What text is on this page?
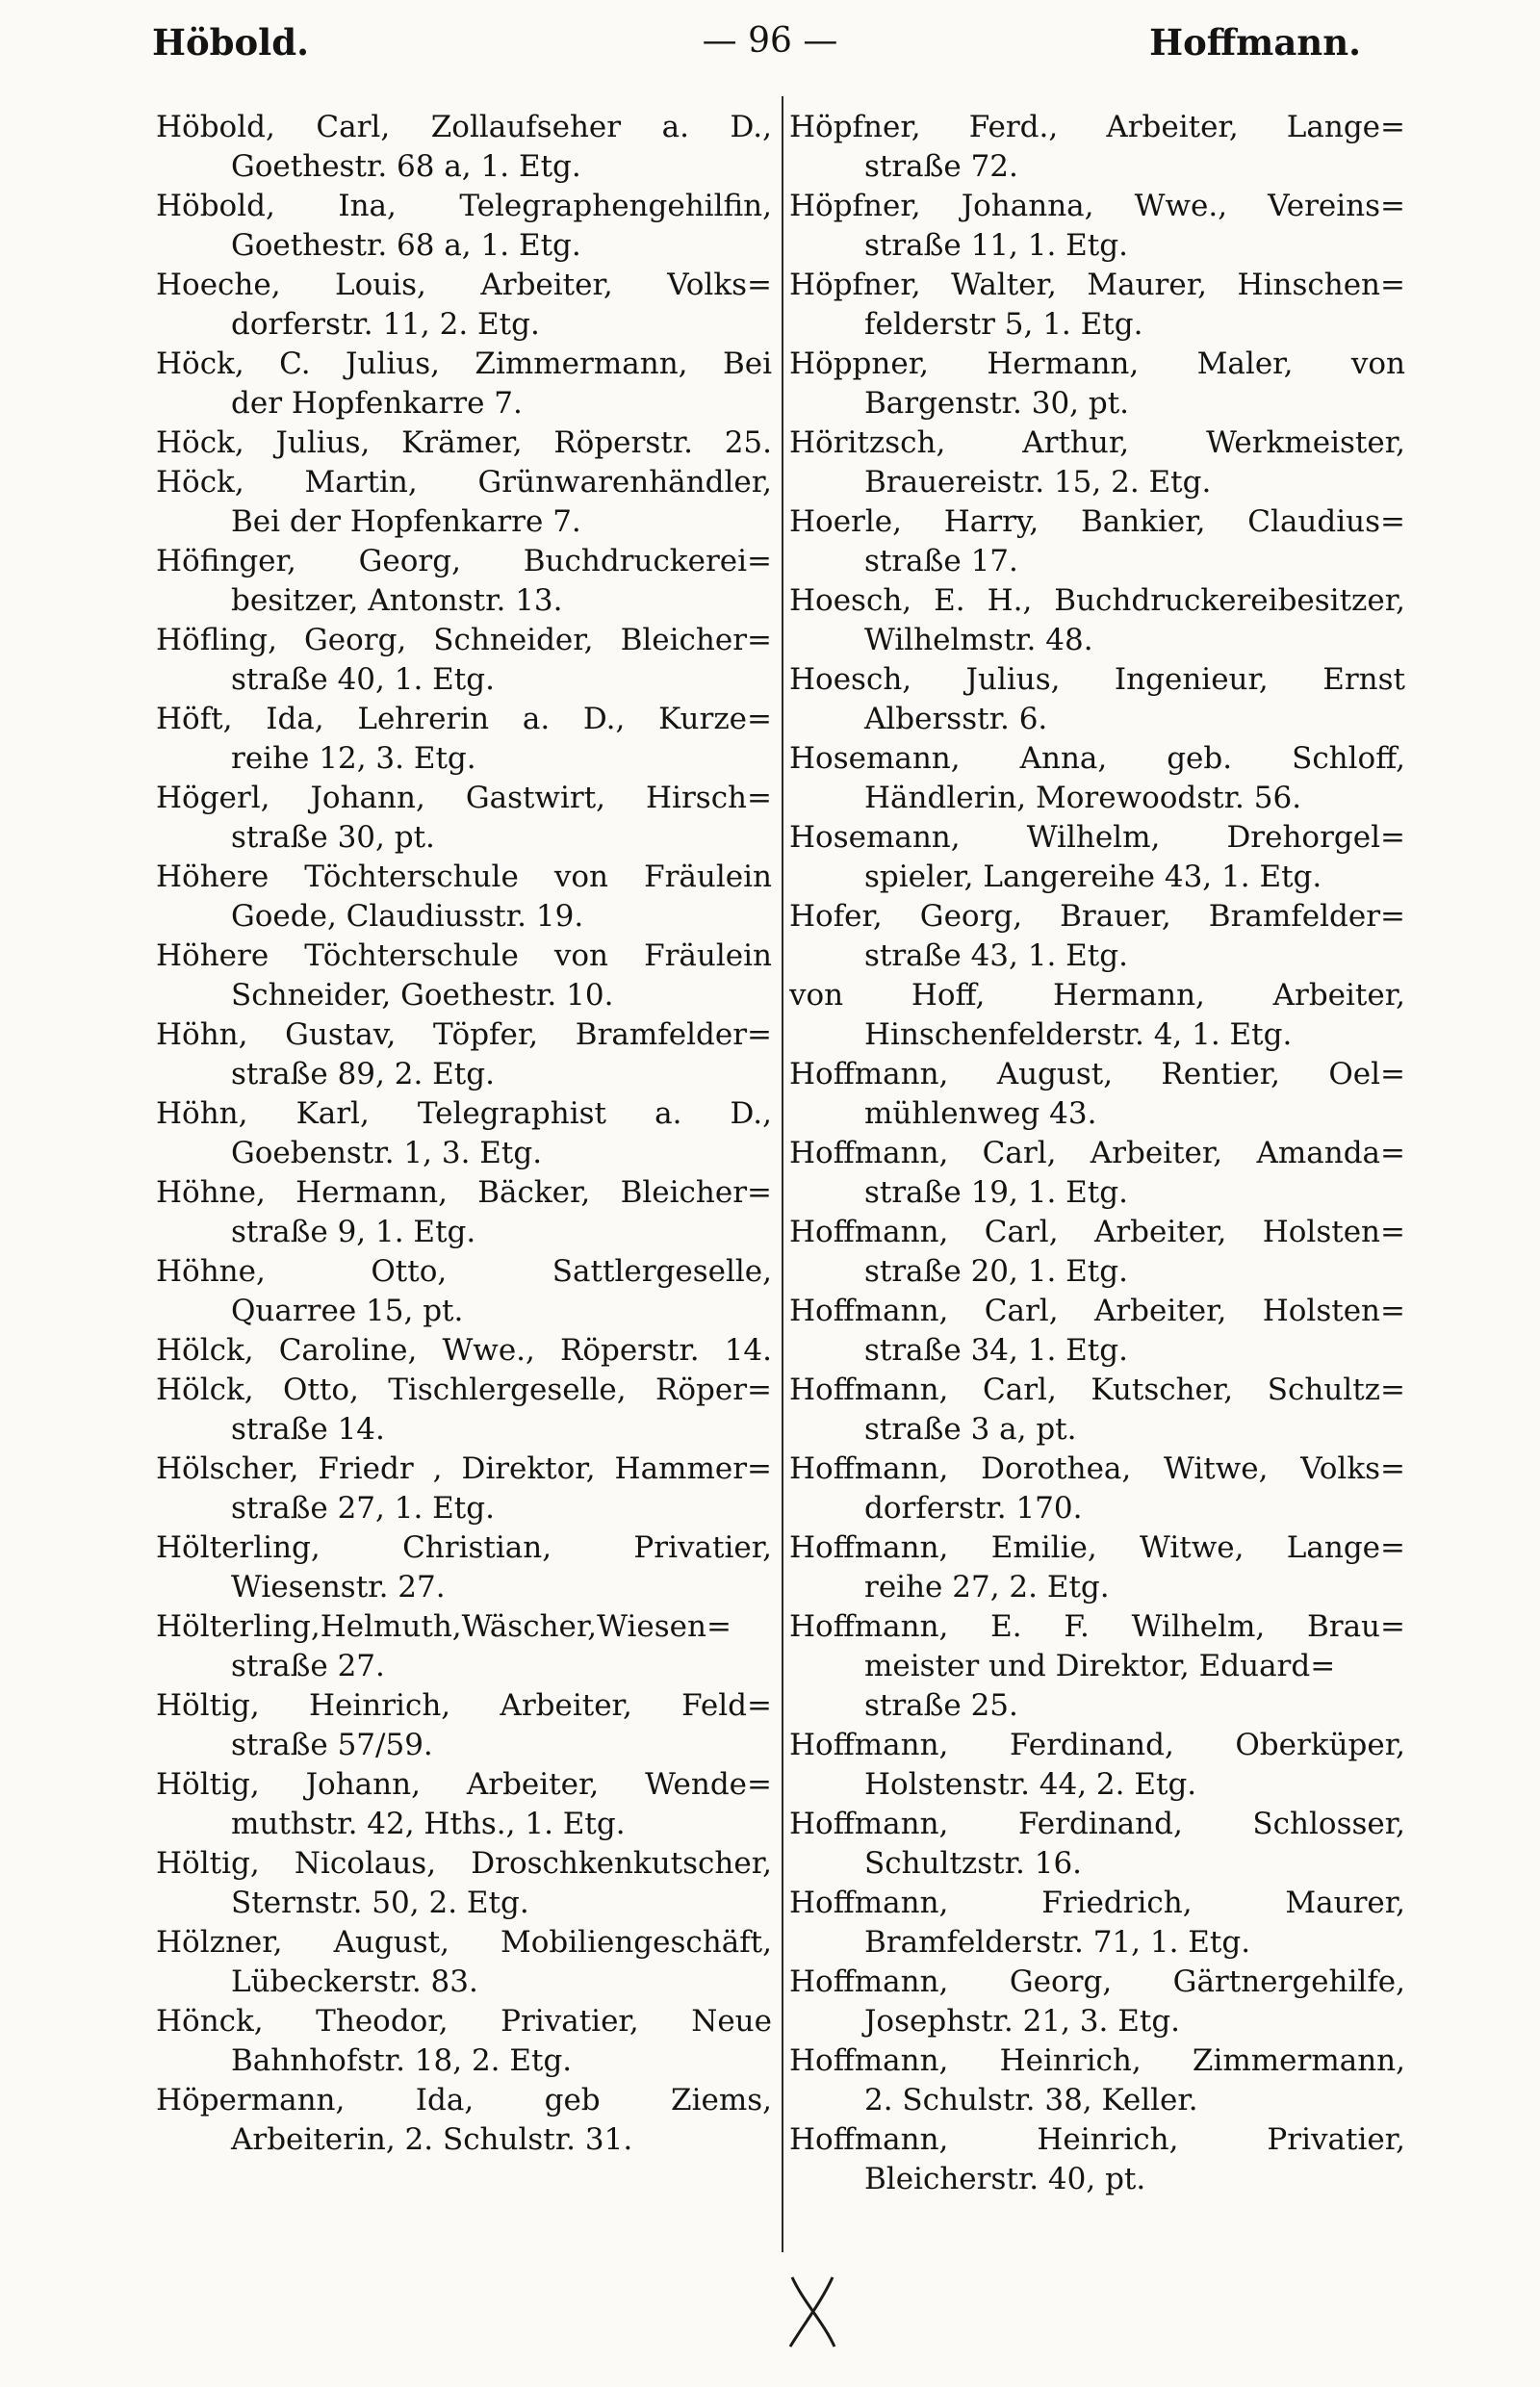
Höbold.	— 96 —	Hoffmann.
Höbold, Carl, Zollaufseher a. D.,
Goethestr. 68 a, 1. Etg.
Höbold, Ina, Telegraphengehilfin,
Goethestr. 68 a, 1. Etg.
Hoeche, Louis, Arbeiter, Volks=
dorferstr. 11, 2. Etg.
Höck, C. Julius, Zimmermann, Bei
der Hopfenkarre 7.
Höck, Julius, Krämer, Röperstr. 25.
Höck, Martin, Grünwarenhändler,
Bei der Hopfenkarre 7.
Höfinger, Georg, Buchdruckerei=
besitzer, Antonstr. 13.
Höfling, Georg, Schneider, Bleicher=
straße 40, 1. Etg.
Höft, Ida, Lehrerin a. D., Kurze=
reihe 12, 3. Etg.
Högerl, Johann, Gastwirt, Hirsch=
straße 30, pt.
Höhere Töchterschule von Fräulein
Goede, Claudiusstr. 19.
Höhere Töchterschule von Fräulein
Schneider, Goethestr. 10.
Höhn, Gustav, Töpfer, Bramfelder=
straße 89, 2. Etg.
Höhn, Karl, Telegraphist a. D.,
Goebenstr. 1, 3. Etg.
Höhne, Hermann, Bäcker, Bleicher=
straße 9, 1. Etg.
Höhne, Otto, Sattlergeselle,
Quarree 15, pt.
Hölck, Caroline, Wwe., Röperstr. 14.
Hölck, Otto, Tischlergeselle, Röper=
straße 14.
Hölscher, Friedr , Direktor, Hammer=
straße 27, 1. Etg.
Hölterling, Christian, Privatier,
Wiesenstr. 27.
Hölterling,Helmuth,Wäscher,Wiesen=
straße 27.
Höltig, Heinrich, Arbeiter, Feld=
straße 57/59.
Höltig, Johann, Arbeiter, Wende=
muthstr. 42, Hths., 1. Etg.
Höltig, Nicolaus, Droschkenkutscher,
Sternstr. 50, 2. Etg.
Hölzner, August, Mobiliengeschäft,
Lübeckerstr. 83.
Hönck, Theodor, Privatier, Neue
Bahnhofstr. 18, 2. Etg.
Höpermann, Ida, geb Ziems,
Arbeiterin, 2. Schulstr. 31.
Höpfner, Ferd., Arbeiter, Lange=
straße 72.
Höpfner, Johanna, Wwe., Vereins=
straße 11, 1. Etg.
Höpfner, Walter, Maurer, Hinschen=
felderstr 5, 1. Etg.
Höppner, Hermann, Maler, von
Bargenstr. 30, pt.
Höritzsch, Arthur, Werkmeister,
Brauereistr. 15, 2. Etg.
Hoerle, Harry, Bankier, Claudius=
straße 17.
Hoesch, E. H., Buchdruckereibesitzer,
Wilhelmstr. 48.
Hoesch, Julius, Ingenieur, Ernst
Albersstr. 6.
Hosemann, Anna, geb. Schloff,
Händlerin, Morewoodstr. 56.
Hosemann, Wilhelm, Drehorgel=
spieler, Langereihe 43, 1. Etg.
Hofer, Georg, Brauer, Bramfelder=
straße 43, 1. Etg.
von Hoff, Hermann, Arbeiter,
Hinschenfelderstr. 4, 1. Etg.
Hoffmann, August, Rentier, Oel=
mühlenweg 43.
Hoffmann, Carl, Arbeiter, Amanda=
straße 19, 1. Etg.
Hoffmann, Carl, Arbeiter, Holsten=
straße 20, 1. Etg.
Hoffmann, Carl, Arbeiter, Holsten=
straße 34, 1. Etg.
Hoffmann, Carl, Kutscher, Schultz=
straße 3 a, pt.
Hoffmann, Dorothea, Witwe, Volks=
dorferstr. 170.
Hoffmann, Emilie, Witwe, Lange=
reihe 27, 2. Etg.
Hoffmann, E. F. Wilhelm, Brau=
meister und Direktor, Eduard=
straße 25.
Hoffmann, Ferdinand, Oberküper,
Holstenstr. 44, 2. Etg.
Hoffmann, Ferdinand, Schlosser,
Schultzstr. 16.
Hoffmann, Friedrich, Maurer,
Bramfelderstr. 71, 1. Etg.
Hoffmann, Georg, Gärtnergehilfe,
Josephstr. 21, 3. Etg.
Hoffmann, Heinrich, Zimmermann,
2. Schulstr. 38, Keller.
Hoffmann, Heinrich, Privatier,
Bleicherstr. 40, pt.
